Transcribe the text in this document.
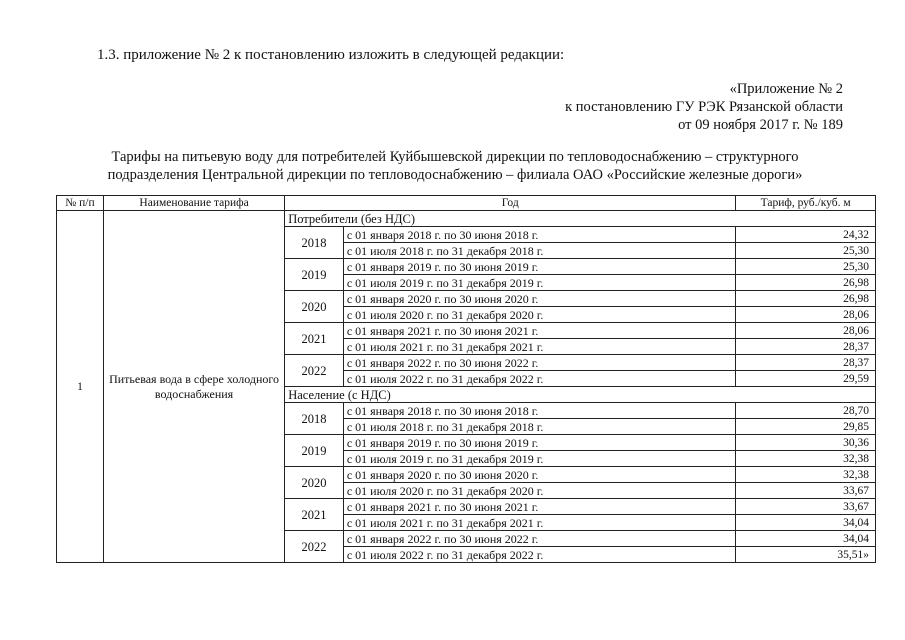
1.3. приложение № 2 к постановлению изложить в следующей редакции:
«Приложение № 2
к постановлению ГУ РЭК Рязанской области
от 09 ноября 2017 г. № 189
Тарифы на питьевую воду для потребителей Куйбышевской дирекции по тепловодоснабжению – структурного
подразделения Центральной дирекции по тепловодоснабжению – филиала ОАО «Российские железные дороги»
№ п/п	Наименование тарифа	Год		Тариф, руб./куб. м
1	Питьевая вода в сфере холодного водоснабжения	Потребители (без НДС)		
		2018	с 01 января 2018 г. по 30 июня 2018 г.	24,32
			с 01 июля 2018 г. по 31 декабря 2018 г.	25,30
		2019	с 01 января 2019 г. по 30 июня 2019 г.	25,30
			с 01 июля 2019 г. по 31 декабря 2019 г.	26,98
		2020	с 01 января 2020 г. по 30 июня 2020 г.	26,98
			с 01 июля 2020 г. по 31 декабря 2020 г.	28,06
		2021	с 01 января 2021 г. по 30 июня 2021 г.	28,06
			с 01 июля 2021 г. по 31 декабря 2021 г.	28,37
		2022	с 01 января 2022 г. по 30 июня 2022 г.	28,37
			с 01 июля 2022 г. по 31 декабря 2022 г.	29,59
		Население (с НДС)		
		2018	с 01 января 2018 г. по 30 июня 2018 г.	28,70
			с 01 июля 2018 г. по 31 декабря 2018 г.	29,85
		2019	с 01 января 2019 г. по 30 июня 2019 г.	30,36
			с 01 июля 2019 г. по 31 декабря 2019 г.	32,38
		2020	с 01 января 2020 г. по 30 июня 2020 г.	32,38
			с 01 июля 2020 г. по 31 декабря 2020 г.	33,67
		2021	с 01 января 2021 г. по 30 июня 2021 г.	33,67
			с 01 июля 2021 г. по 31 декабря 2021 г.	34,04
		2022	с 01 января 2022 г. по 30 июня 2022 г.	34,04
			с 01 июля 2022 г. по 31 декабря 2022 г.	35,51»
